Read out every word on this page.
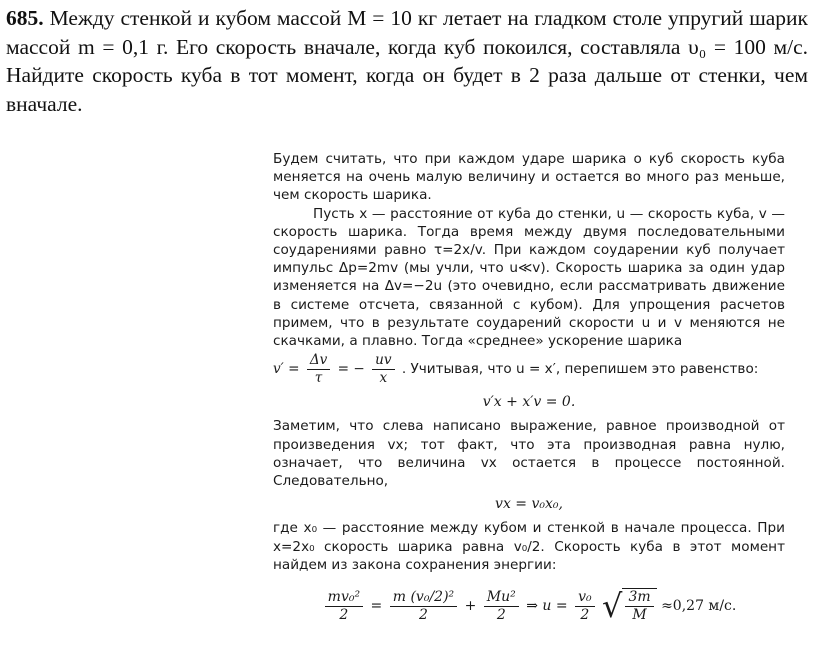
685. Между стенкой и кубом массой M = 10 кг летает на гладком столе упругий шарик массой m = 0,1 г. Его скорость вначале, когда куб покоился, составляла υ₀ = 100 м/с. Найдите скорость куба в тот момент, когда он будет в 2 раза дальше от стенки, чем вначале.

Будем считать, что при каждом ударе шарика о куб скорость куба меняется на очень малую величину и остается во много раз меньше, чем скорость шарика.

Пусть x — расстояние от куба до стенки, u — скорость куба, v — скорость шарика. Тогда время между двумя последовательными соударениями равно τ=2x/v. При каждом соударении куб получает импульс Δp=2mv (мы учли, что u≪v). Скорость шарика за один удар изменяется на Δv=−2u (это очевидно, если рассматривать движение в системе отсчета, связанной с кубом). Для упрощения расчетов примем, что в результате соударений скорости u и v меняются не скачками, а плавно. Тогда «среднее» ускорение шарика

$v' = \frac{\Delta v}{\tau}$ = − $\frac{uv}{x}$ . Учитывая, что u = x′, перепишем это равенство:

v′x + x′v = 0.

Заметим, что слева написано выражение, равное производной от произведения vx; тот факт, что эта производная равна нулю, означает, что величина vx остается в процессе постоянной. Следовательно,

vx = v₀x₀,

где x₀ — расстояние между кубом и стенкой в начале процесса. При x=2x₀ скорость шарика равна v₀/2. Скорость куба в этот момент найдем из закона сохранения энергии:

$\frac{\text{mv₀²}}{2} = \frac{\text{m (v₀/2)²}}{2} + \frac{\text{Mu²}}{2}$ ⇒ $u = \frac{\text{v₀}}{2}$ √ $\frac{3m}{M} \approx 0,27$ м/с.
